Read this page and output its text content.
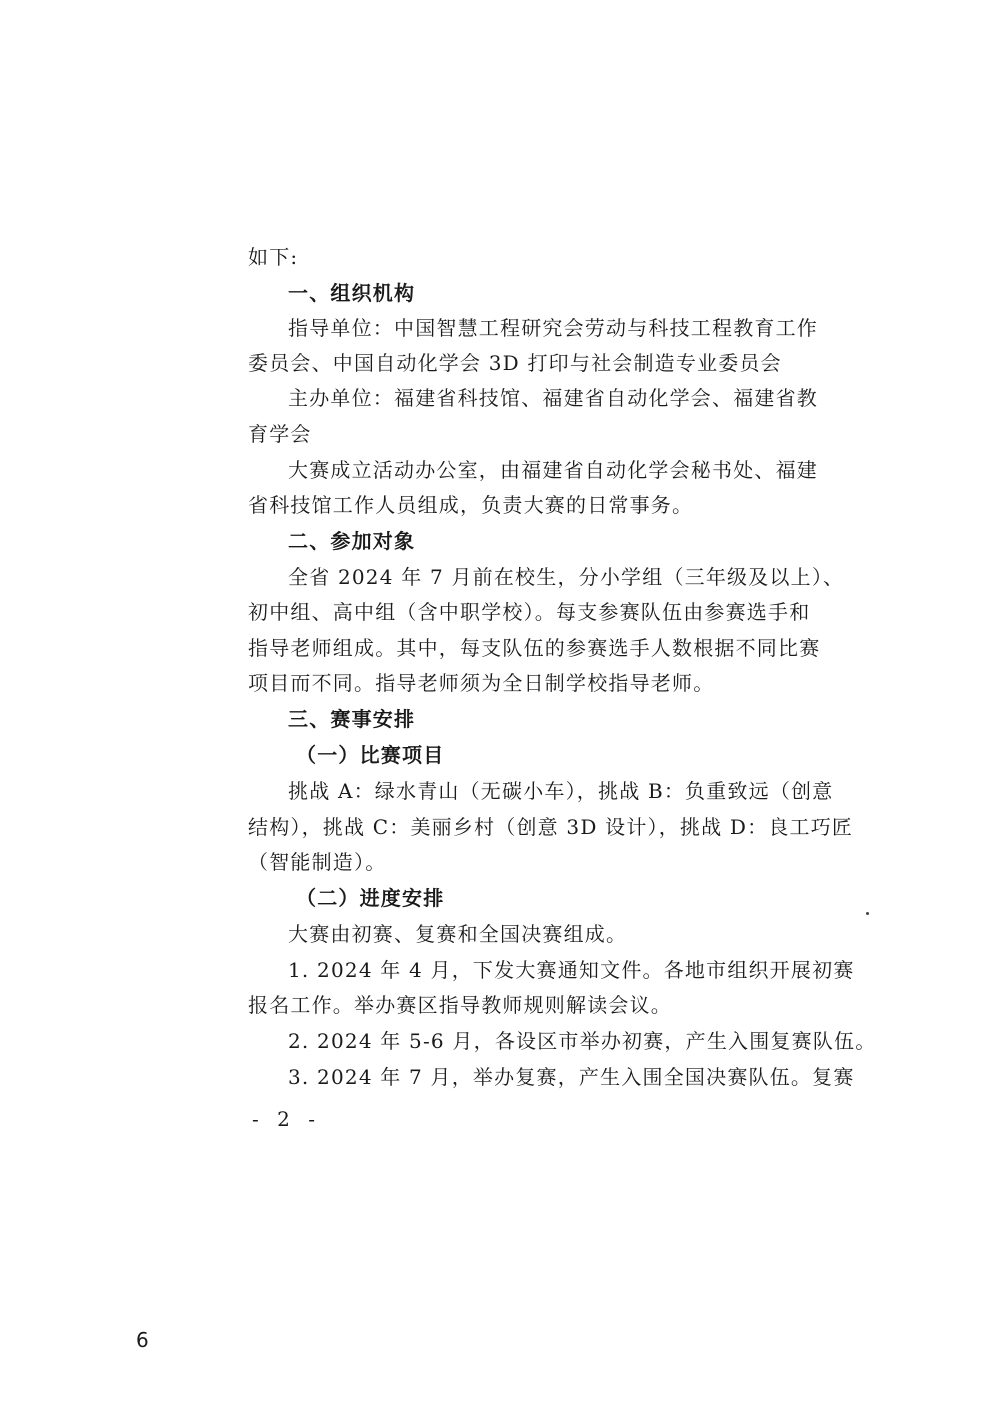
如下:
一、组织机构
指导单位：中国智慧工程研究会劳动与科技工程教育工作
委员会、中国自动化学会 3D 打印与社会制造专业委员会
主办单位：福建省科技馆、福建省自动化学会、福建省教
育学会
大赛成立活动办公室，由福建省自动化学会秘书处、福建
省科技馆工作人员组成，负责大赛的日常事务。
二、参加对象
全省 2024 年 7 月前在校生，分小学组（三年级及以上）、
初中组、高中组（含中职学校）。每支参赛队伍由参赛选手和
指导老师组成。其中，每支队伍的参赛选手人数根据不同比赛
项目而不同。指导老师须为全日制学校指导老师。
三、赛事安排
（一）比赛项目
挑战 A：绿水青山（无碳小车），挑战 B：负重致远（创意
结构），挑战 C：美丽乡村（创意 3D 设计），挑战 D：良工巧匠
（智能制造）。
（二）进度安排
大赛由初赛、复赛和全国决赛组成。
1. 2024 年 4 月，下发大赛通知文件。各地市组织开展初赛
报名工作。举办赛区指导教师规则解读会议。
2. 2024 年 5-6 月，各设区市举办初赛，产生入围复赛队伍。
3. 2024 年 7 月，举办复赛，产生入围全国决赛队伍。复赛
- 2 -
6
